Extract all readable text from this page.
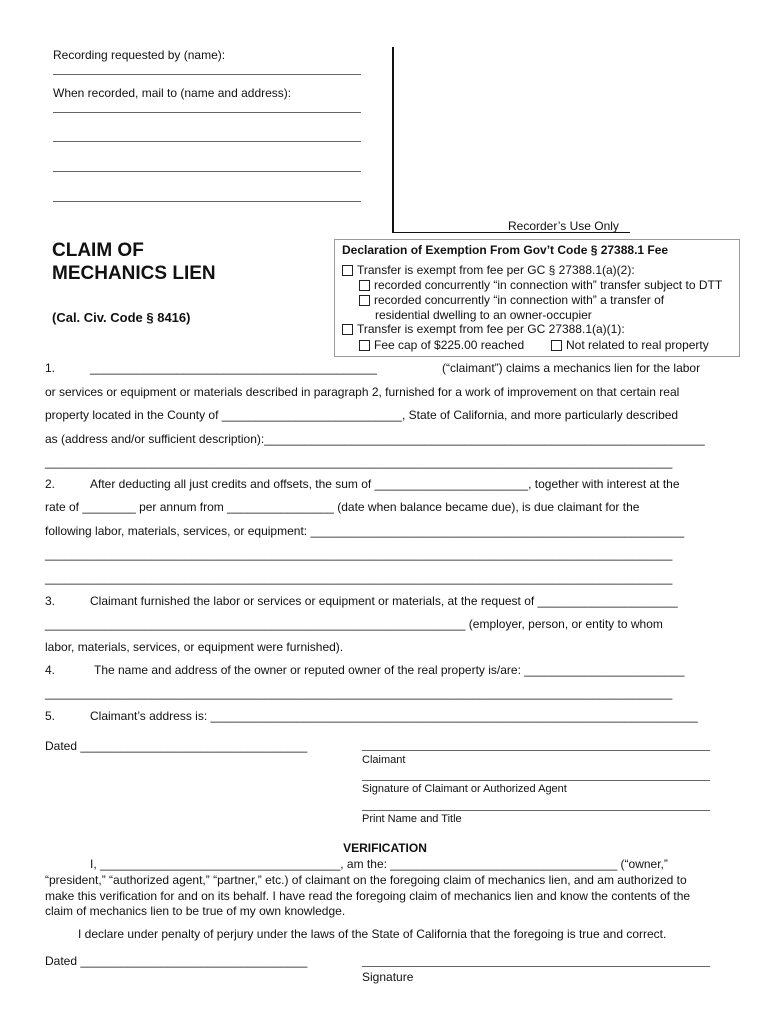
Recording requested by (name):
When recorded, mail to (name and address):
Recorder’s Use Only
CLAIM OF
MECHANICS LIEN
(Cal. Civ. Code § 8416)
Declaration of Exemption From Gov’t Code § 27388.1 Fee
Transfer is exempt from fee per GC § 27388.1(a)(2):
recorded concurrently “in connection with” transfer subject to DTT
recorded concurrently “in connection with” a transfer of
residential dwelling to an owner-occupier
Transfer is exempt from fee per GC 27388.1(a)(1):
Fee cap of $225.00 reached	Not related to real property
1.	___________________________________________	(“claimant”) claims a mechanics lien for the labor
or services or equipment or materials described in paragraph 2, furnished for a work of improvement on that certain real
property located in the County of ___________________________, State of California, and more particularly described
as (address and/or sufficient description):__________________________________________________________________
______________________________________________________________________________________________
2.	After deducting all just credits and offsets, the sum of _______________________, together with interest at the
rate of ________ per annum from ________________ (date when balance became due), is due claimant for the
following labor, materials, services, or equipment: ________________________________________________________
______________________________________________________________________________________________
______________________________________________________________________________________________
3.	Claimant furnished the labor or services or equipment or materials, at the request of _____________________
_______________________________________________________________ (employer, person, or entity to whom
labor, materials, services, or equipment were furnished).
4.	The name and address of the owner or reputed owner of the real property is/are: ________________________
______________________________________________________________________________________________
5.	Claimant’s address is: _________________________________________________________________________
Dated __________________________________
Claimant
Signature of Claimant or Authorized Agent
Print Name and Title
VERIFICATION
I, ____________________________________, am the: __________________________________ (“owner,”
“president,” “authorized agent,” “partner,” etc.) of claimant on the foregoing claim of mechanics lien, and am authorized to
make this verification for and on its behalf. I have read the foregoing claim of mechanics lien and know the contents of the
claim of mechanics lien to be true of my own knowledge.
I declare under penalty of perjury under the laws of the State of California that the foregoing is true and correct.
Dated __________________________________
Signature
